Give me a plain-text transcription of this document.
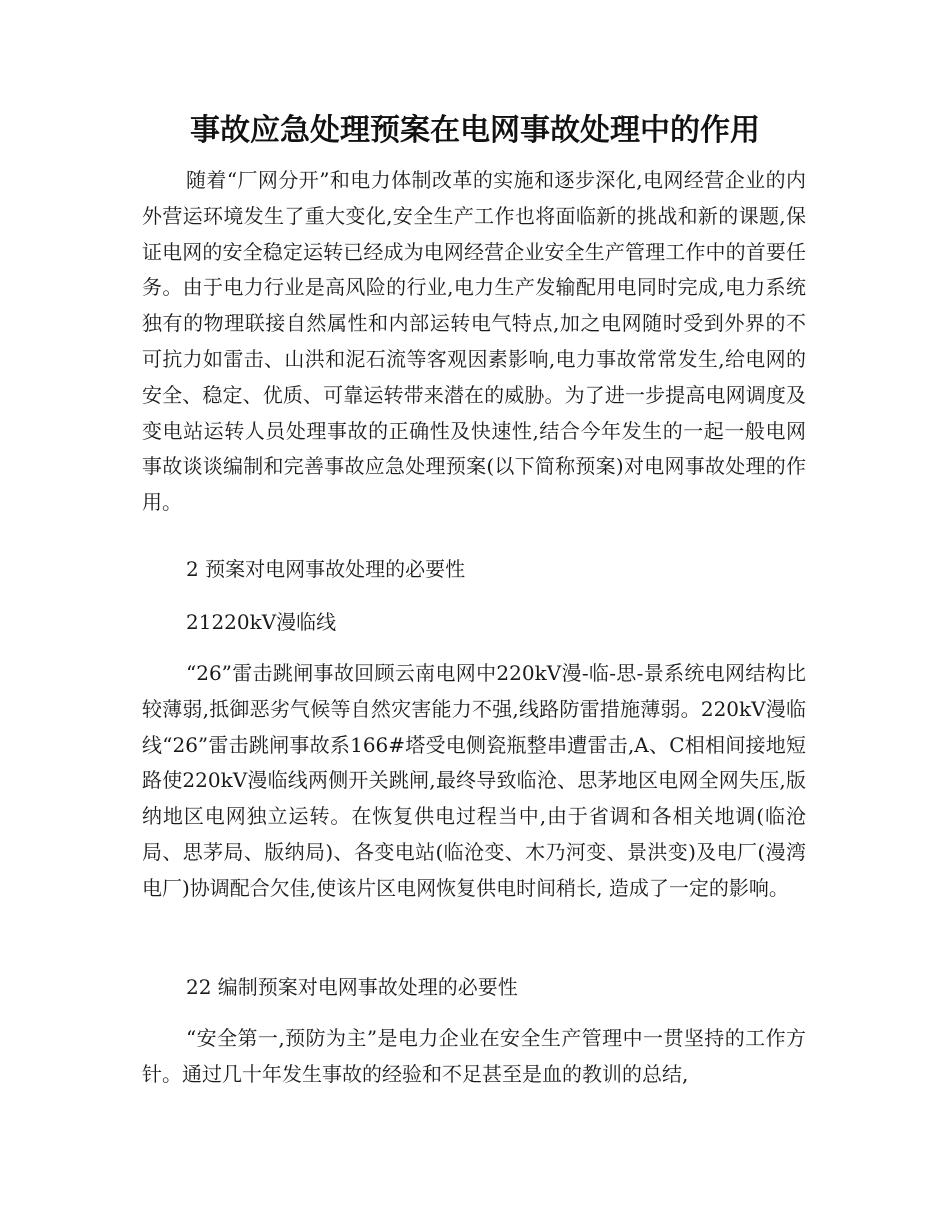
事故应急处理预案在电网事故处理中的作用

随着“厂网分开”和电力体制改革的实施和逐步深化,电网经营企业的内外营运环境发生了重大变化,安全生产工作也将面临新的挑战和新的课题,保证电网的安全稳定运转已经成为电网经营企业安全生产管理工作中的首要任务。由于电力行业是高风险的行业,电力生产发输配用电同时完成,电力系统独有的物理联接自然属性和内部运转电气特点,加之电网随时受到外界的不可抗力如雷击、山洪和泥石流等客观因素影响,电力事故常常发生,给电网的安全、稳定、优质、可靠运转带来潜在的威胁。为了进一步提高电网调度及变电站运转人员处理事故的正确性及快速性,结合今年发生的一起一般电网事故谈谈编制和完善事故应急处理预案(以下简称预案)对电网事故处理的作用。

2 预案对电网事故处理的必要性

21220kV漫临线

“26”雷击跳闸事故回顾云南电网中220kV漫-临-思-景系统电网结构比较薄弱,抵御恶劣气候等自然灾害能力不强,线路防雷措施薄弱。220kV漫临线“26”雷击跳闸事故系166#塔受电侧瓷瓶整串遭雷击,A、C相相间接地短路使220kV漫临线两侧开关跳闸,最终导致临沧、思茅地区电网全网失压,版纳地区电网独立运转。在恢复供电过程当中,由于省调和各相关地调(临沧局、思茅局、版纳局)、各变电站(临沧变、木乃河变、景洪变)及电厂(漫湾电厂)协调配合欠佳,使该片区电网恢复供电时间稍长, 造成了一定的影响。

22 编制预案对电网事故处理的必要性

“安全第一,预防为主”是电力企业在安全生产管理中一贯坚持的工作方针。通过几十年发生事故的经验和不足甚至是血的教训的总结,
